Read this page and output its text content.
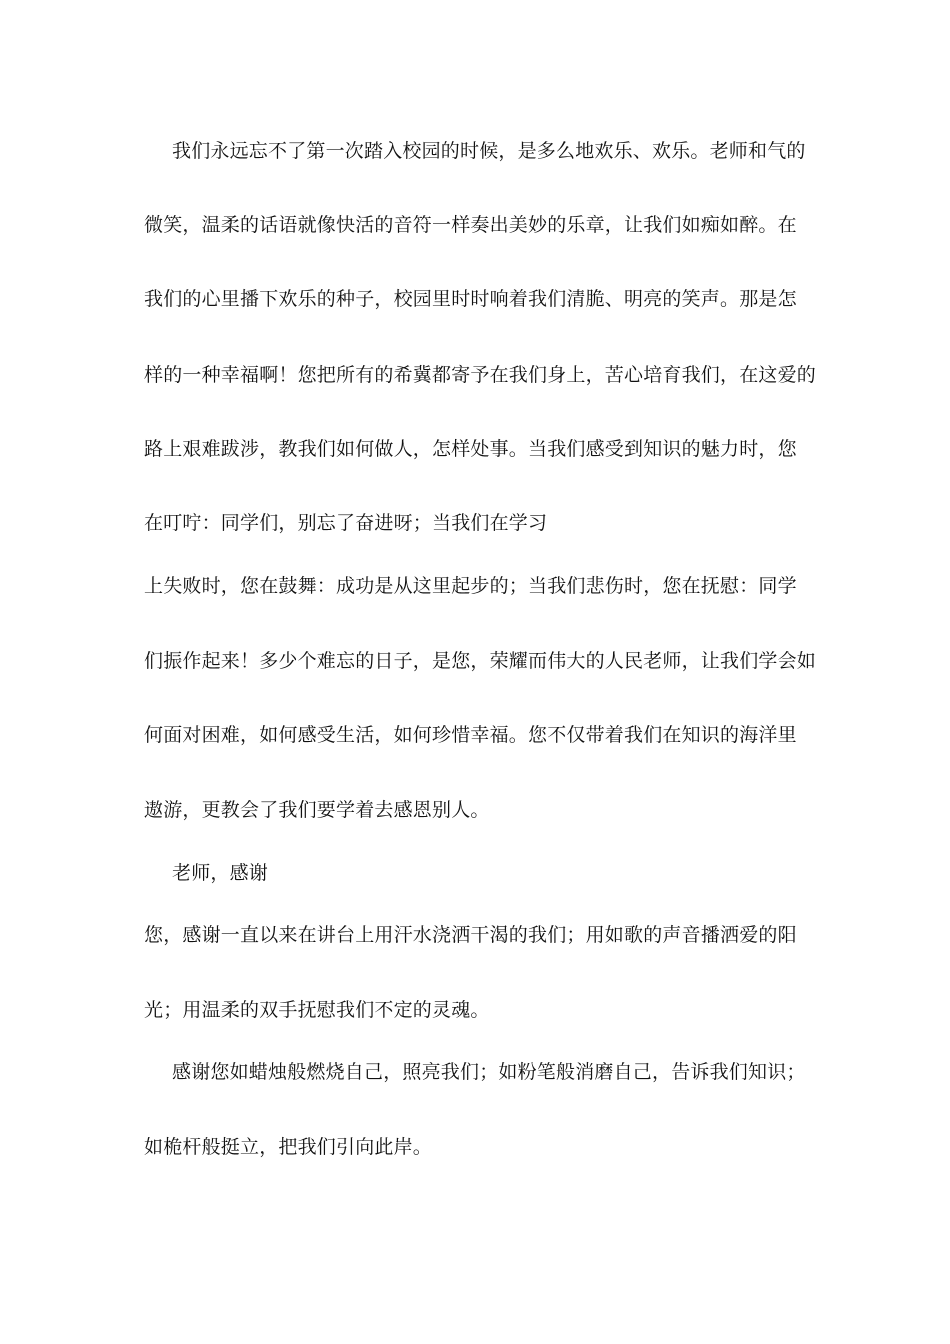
我们永远忘不了第一次踏入校园的时候，是多么地欢乐、欢乐。老师和气的
微笑，温柔的话语就像快活的音符一样奏出美妙的乐章，让我们如痴如醉。在
我们的心里播下欢乐的种子，校园里时时响着我们清脆、明亮的笑声。那是怎
样的一种幸福啊！您把所有的希冀都寄予在我们身上，苦心培育我们，在这爱的
路上艰难跋涉，教我们如何做人，怎样处事。当我们感受到知识的魅力时，您
在叮咛：同学们，别忘了奋进呀；当我们在学习
上失败时，您在鼓舞：成功是从这里起步的；当我们悲伤时，您在抚慰：同学
们振作起来！多少个难忘的日子，是您，荣耀而伟大的人民老师，让我们学会如
何面对困难，如何感受生活，如何珍惜幸福。您不仅带着我们在知识的海洋里
遨游，更教会了我们要学着去感恩别人。
老师，感谢
您，感谢一直以来在讲台上用汗水浇洒干渴的我们；用如歌的声音播洒爱的阳
光；用温柔的双手抚慰我们不定的灵魂。
感谢您如蜡烛般燃烧自己，照亮我们；如粉笔般消磨自己，告诉我们知识；
如桅杆般挺立，把我们引向此岸。
